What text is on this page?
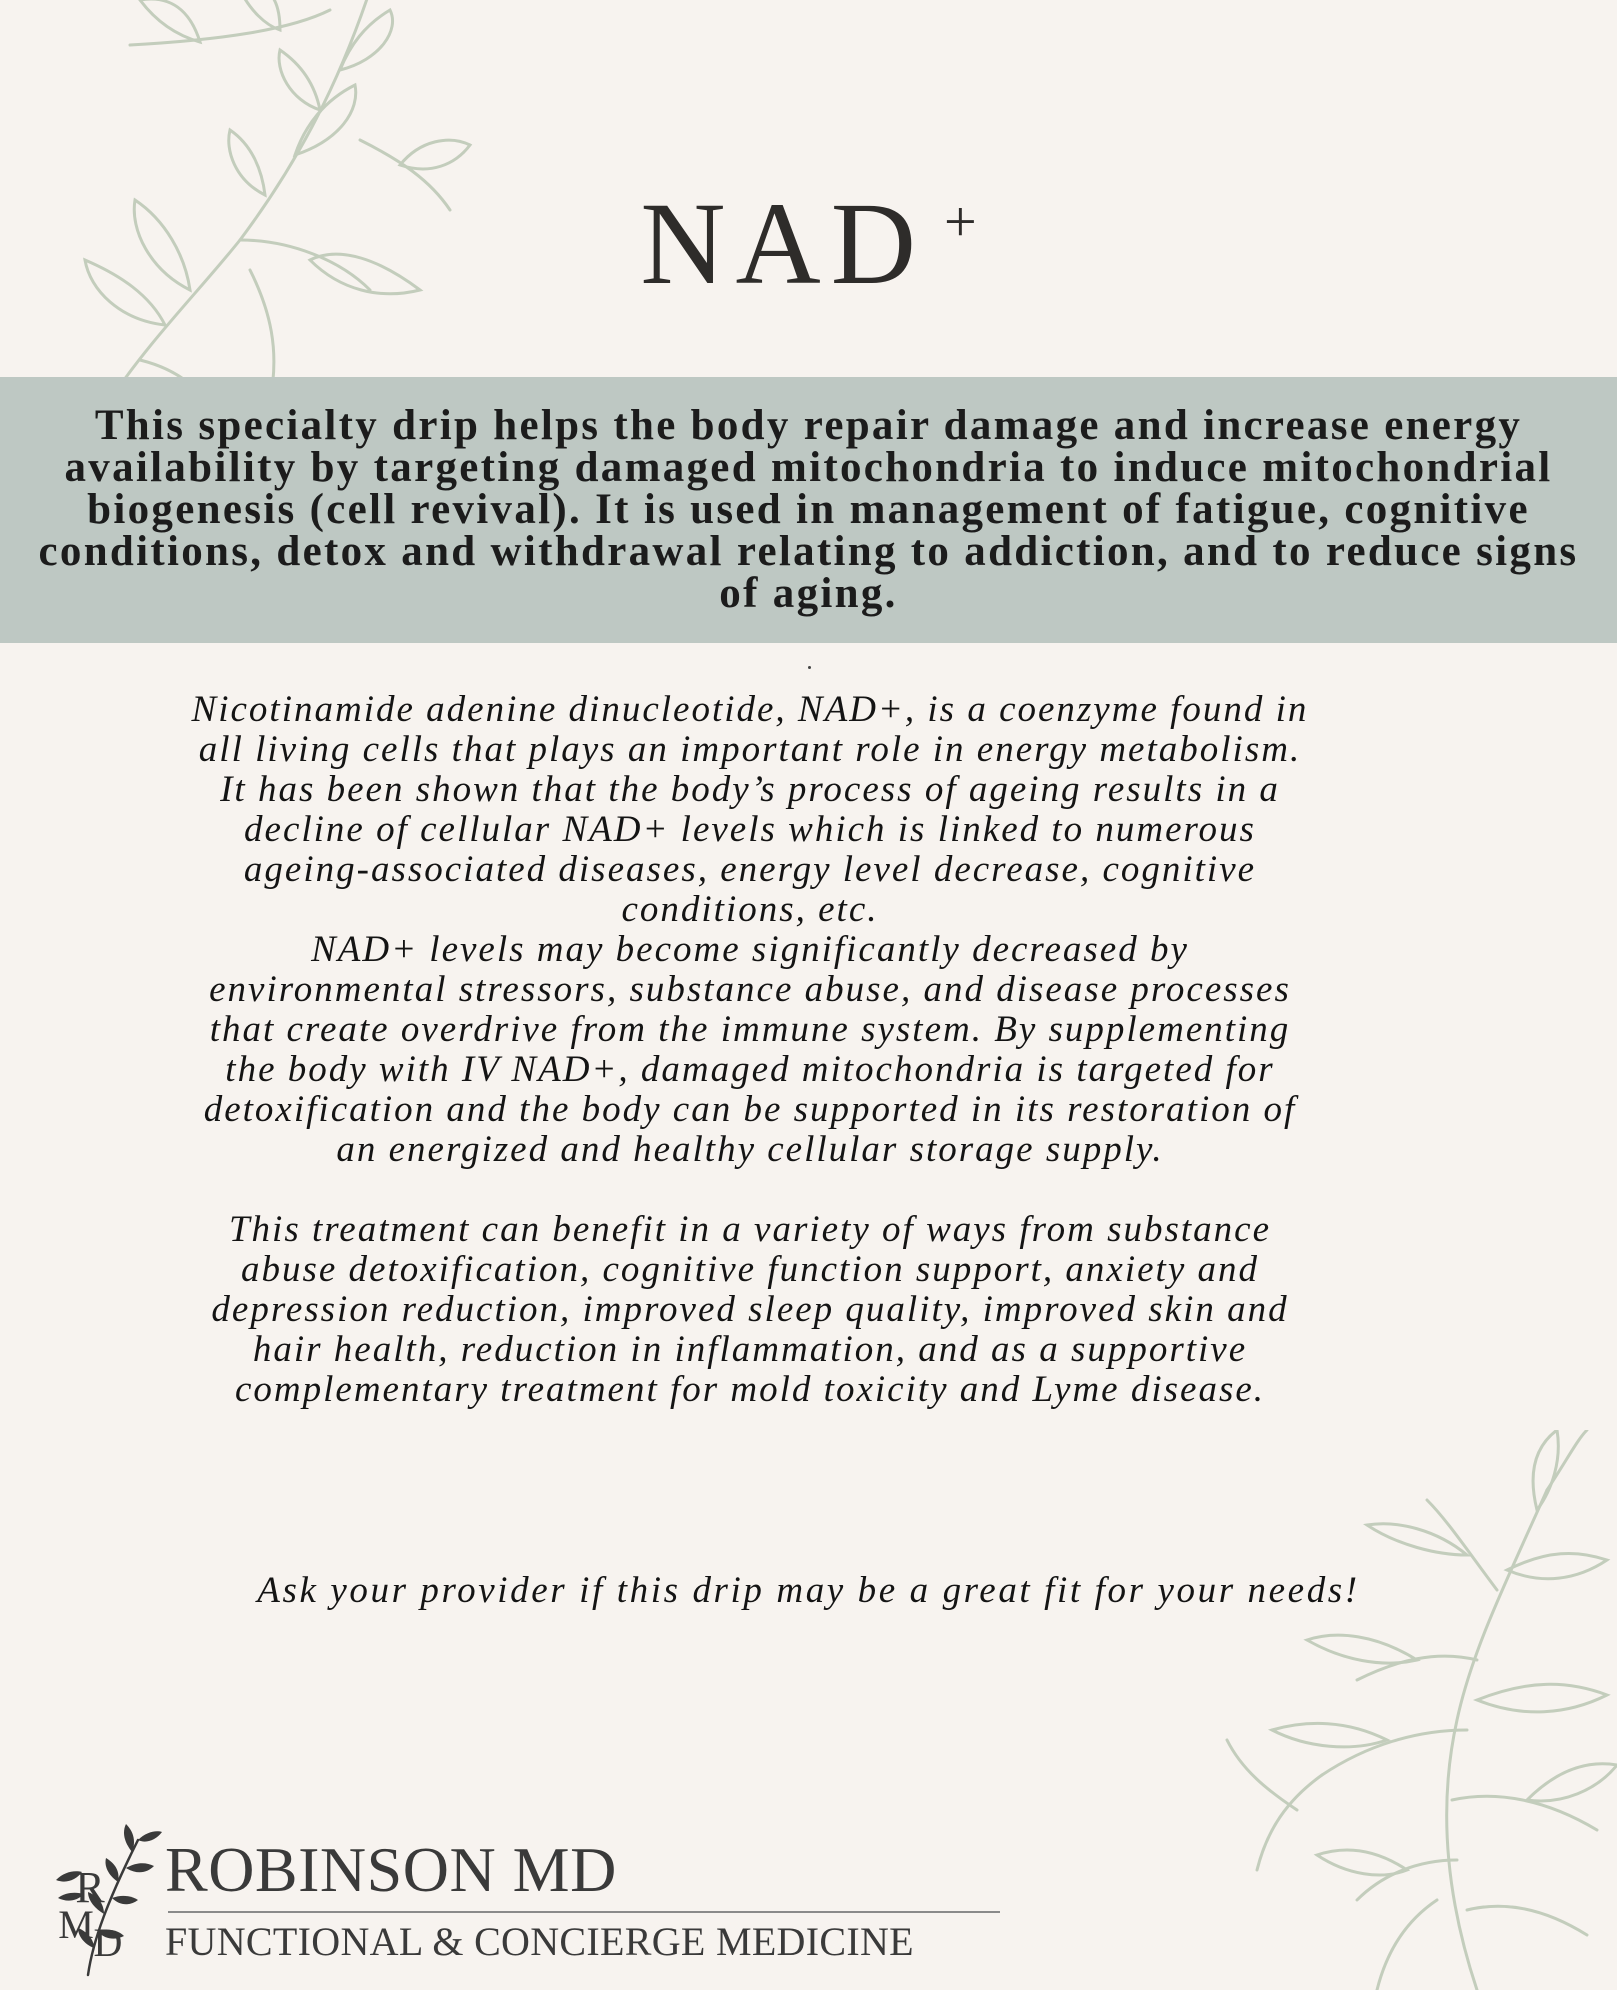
NAD +

This specialty drip helps the body repair damage and increase energy availability by targeting damaged mitochondria to induce mitochondrial biogenesis (cell revival). It is used in management of fatigue, cognitive conditions, detox and withdrawal relating to addiction, and to reduce signs of aging.

Nicotinamide adenine dinucleotide, NAD+, is a coenzyme found in all living cells that plays an important role in energy metabolism. It has been shown that the body’s process of ageing results in a decline of cellular NAD+ levels which is linked to numerous ageing-associated diseases, energy level decrease, cognitive conditions, etc.

NAD+ levels may become significantly decreased by environmental stressors, substance abuse, and disease processes that create overdrive from the immune system. By supplementing the body with IV NAD+, damaged mitochondria is targeted for detoxification and the body can be supported in its restoration of an energized and healthy cellular storage supply.

This treatment can benefit in a variety of ways from substance abuse detoxification, cognitive function support, anxiety and depression reduction, improved sleep quality, improved skin and hair health, reduction in inflammation, and as a supportive complementary treatment for mold toxicity and Lyme disease.

Ask your provider if this drip may be a great fit for your needs!

R
M D

ROBINSON MD

FUNCTIONAL & CONCIERGE MEDICINE
